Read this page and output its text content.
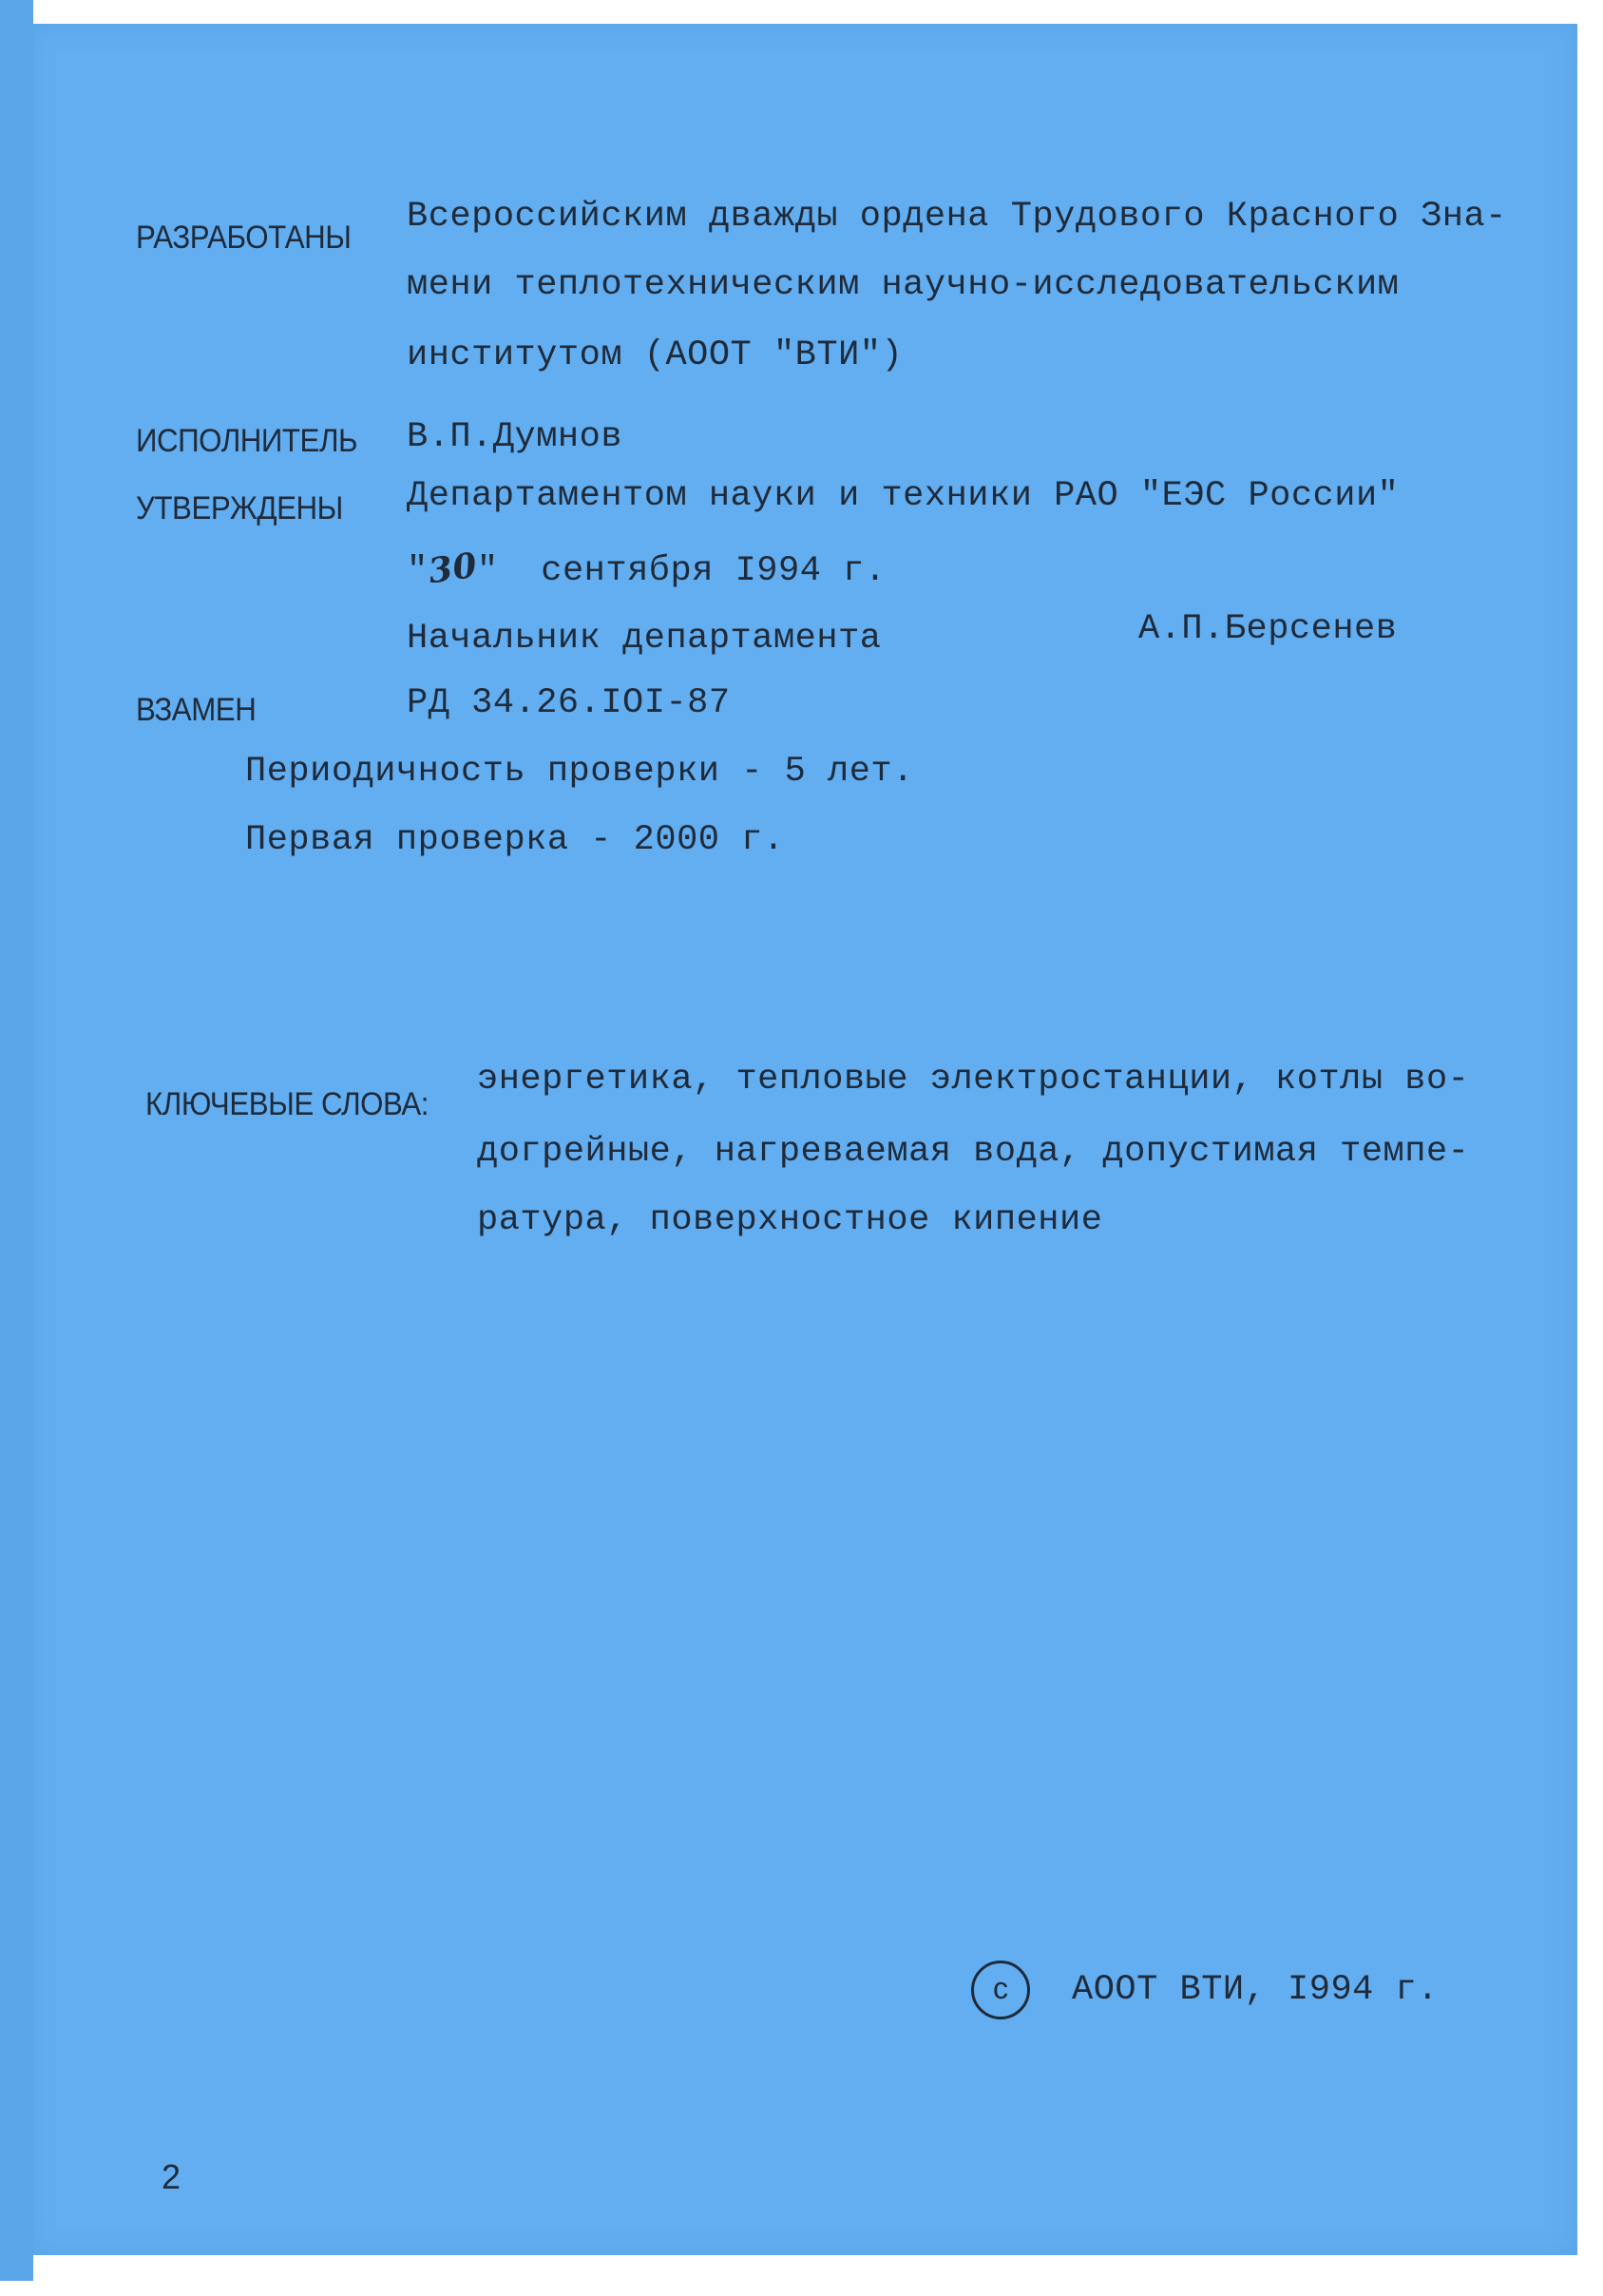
РАЗРАБОТАНЫ
Всероссийским дважды ордена Трудового Красного Зна-
мени теплотехническим научно-исследовательским
институтом (АООТ "ВТИ")
ИСПОЛНИТЕЛЬ В.П.Думнов
УТВЕРЖДЕНЫ Департаментом науки и техники РАО "ЕЭС России"
"30" сентября I994 г.
Начальник департамента	А.П.Берсенев
ВЗАМЕН	РД 34.26.IOI-87
Периодичность проверки - 5 лет.
Первая проверка - 2000 г.
КЛЮЧЕВЫЕ СЛОВА:
энергетика, тепловые электростанции, котлы во-
догрейные, нагреваемая вода, допустимая темпе-
ратура, поверхностное кипение
c АООТ ВТИ, I994 г.
2
